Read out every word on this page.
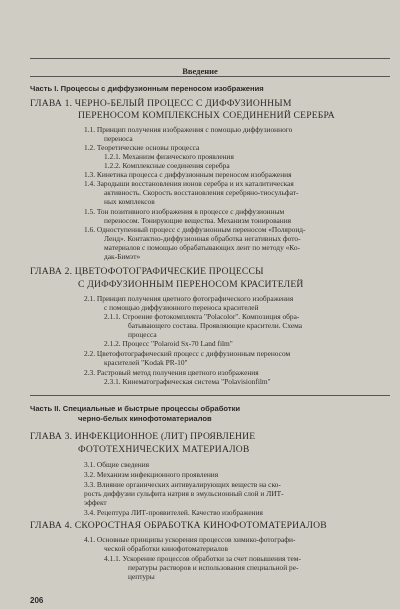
Введение
Часть I. Процессы с диффузионным переносом изображения
ГЛАВА 1. ЧЕРНО-БЕЛЫЙ ПРОЦЕСС С ДИФФУЗИОННЫМ
ПЕРЕНОСОМ КОМПЛЕКСНЫХ СОЕДИНЕНИЙ СЕРЕБРА
1.1. Принцип получения изображения с помощью диффузионного
переноса
1.2. Теоретические основы процесса
1.2.1. Механизм физического проявления
1.2.2. Комплексные соединения серебра
1.3. Кинетика процесса с диффузионным переносом изображения
1.4. Зародыши восстановления ионов серебра и их каталитическая
активность. Скорость восстановления серебряно-тиосульфат-
ных комплексов
1.5. Тон позитивного изображения в процессе с диффузионным
переносом. Тонирующие вещества. Механизм тонирования
1.6. Одноступенный процесс с диффузионным переносом «Поляроид-
Ленд». Контактно-диффузионная обработка негативных фото-
материалов с помощью обрабатывающих лент по методу «Ко-
дак-Бимэт»
ГЛАВА 2. ЦВЕТОФОТОГРАФИЧЕСКИЕ ПРОЦЕССЫ
С ДИФФУЗИОННЫМ ПЕРЕНОСОМ КРАСИТЕЛЕЙ
2.1. Принцип получения цветного фотографического изображения
с помощью диффузионного переноса красителей
2.1.1. Строение фотокомплекта "Polacolor". Композиция обра-
батывающего состава. Проявляющие красители. Схема
процесса
2.1.2. Процесс "Polaroid Sx-70 Land film"
2.2. Цветофотографический процесс с диффузионным переносом
красителей "Kodak PR-10"
2.3. Растровый метод получения цветного изображения
2.3.1. Кинематографическая система "Polavisionfilm"
Часть II. Специальные и быстрые процессы обработки
черно-белых кинофотоматериалов
ГЛАВА 3. ИНФЕКЦИОННОЕ (ЛИТ) ПРОЯВЛЕНИЕ
ФОТОТЕХНИЧЕСКИХ МАТЕРИАЛОВ
3.1. Общие сведения
3.2. Механизм инфекционного проявления
3.3. Влияние органических антивуалирующих веществ на ско-
рость диффузии сульфита натрия в эмульсионный слой и ЛИТ-
эффект
3.4. Рецептура ЛИТ-проявителей. Качество изображения
ГЛАВА 4. СКОРОСТНАЯ ОБРАБОТКА КИНОФОТОМАТЕРИАЛОВ
4.1. Основные принципы ускорения процессов химико-фотографи-
ческой обработки кинофотоматериалов
4.1.1. Ускорение процессов обработки за счет повышения тем-
пературы растворов и использования специальной ре-
цептуры
206
